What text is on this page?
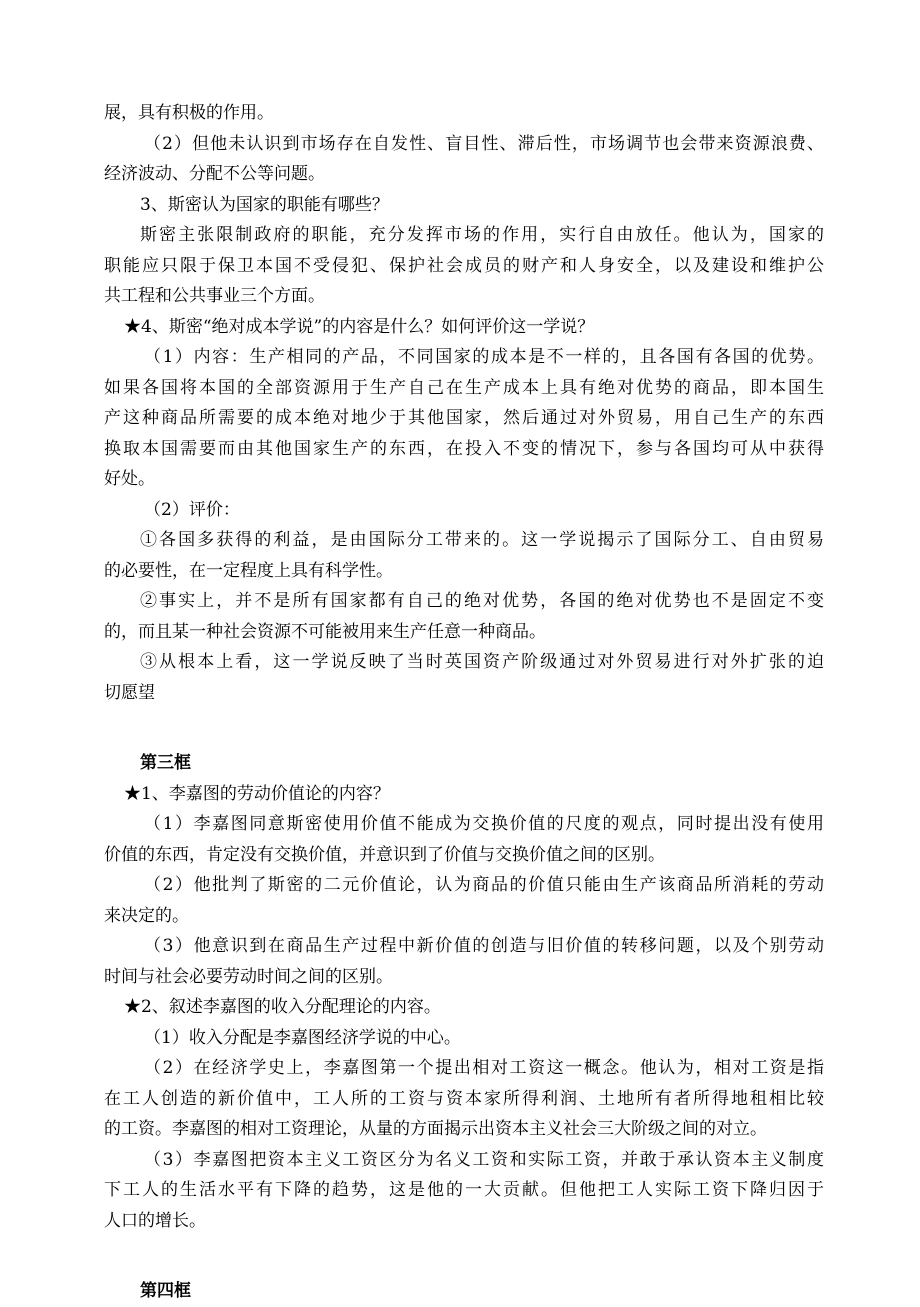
展，具有积极的作用。
（2）但他未认识到市场存在自发性、盲目性、滞后性，市场调节也会带来资源浪费、
经济波动、分配不公等问题。
3、斯密认为国家的职能有哪些？
斯密主张限制政府的职能，充分发挥市场的作用，实行自由放任。他认为，国家的
职能应只限于保卫本国不受侵犯、保护社会成员的财产和人身安全，以及建设和维护公
共工程和公共事业三个方面。
★4、斯密“绝对成本学说”的内容是什么？如何评价这一学说？
（1）内容：生产相同的产品，不同国家的成本是不一样的，且各国有各国的优势。
如果各国将本国的全部资源用于生产自己在生产成本上具有绝对优势的商品，即本国生
产这种商品所需要的成本绝对地少于其他国家，然后通过对外贸易，用自己生产的东西
换取本国需要而由其他国家生产的东西，在投入不变的情况下，参与各国均可从中获得
好处。
（2）评价：
①各国多获得的利益，是由国际分工带来的。这一学说揭示了国际分工、自由贸易
的必要性，在一定程度上具有科学性。
②事实上，并不是所有国家都有自己的绝对优势，各国的绝对优势也不是固定不变
的，而且某一种社会资源不可能被用来生产任意一种商品。
③从根本上看，这一学说反映了当时英国资产阶级通过对外贸易进行对外扩张的迫
切愿望
第三框
★1、李嘉图的劳动价值论的内容？
（1）李嘉图同意斯密使用价值不能成为交换价值的尺度的观点，同时提出没有使用
价值的东西，肯定没有交换价值，并意识到了价值与交换价值之间的区别。
（2）他批判了斯密的二元价值论，认为商品的价值只能由生产该商品所消耗的劳动
来决定的。
（3）他意识到在商品生产过程中新价值的创造与旧价值的转移问题，以及个别劳动
时间与社会必要劳动时间之间的区别。
★2、叙述李嘉图的收入分配理论的内容。
（1）收入分配是李嘉图经济学说的中心。
（2）在经济学史上，李嘉图第一个提出相对工资这一概念。他认为，相对工资是指
在工人创造的新价值中，工人所的工资与资本家所得利润、土地所有者所得地租相比较
的工资。李嘉图的相对工资理论，从量的方面揭示出资本主义社会三大阶级之间的对立。
（3）李嘉图把资本主义工资区分为名义工资和实际工资，并敢于承认资本主义制度
下工人的生活水平有下降的趋势，这是他的一大贡献。但他把工人实际工资下降归因于
人口的增长。
第四框
